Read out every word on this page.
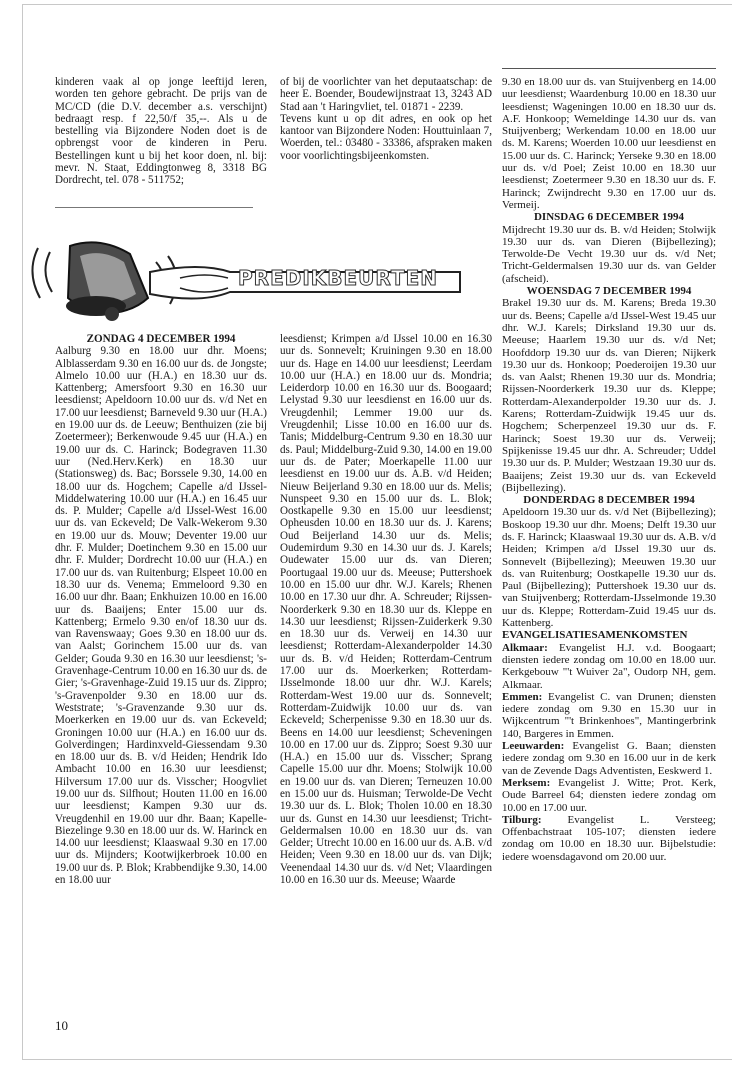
kinderen vaak al op jonge leeftijd leren, worden ten gehore gebracht. De prijs van de MC/CD (die D.V. december a.s. verschijnt) bedraagt resp. f 22,50/f 35,--. Als u de bestelling via Bijzondere Noden doet is de opbrengst voor de kinderen in Peru. Bestellingen kunt u bij het koor doen, nl. bij: mevr. N. Staat, Eddingtonweg 8, 3318 BG Dordrecht, tel. 078 - 511752;

of bij de voorlichter van het deputaatschap: de heer E. Boender, Boudewijnstraat 13, 3243 AD Stad aan 't Haringvliet, tel. 01871 - 2239.

Tevens kunt u op dit adres, en ook op het kantoor van Bijzondere Noden: Houttuinlaan 7, Woerden, tel.: 03480 - 33386, afspraken maken voor voorlichtingsbijeenkomsten.

PREDIKBEURTEN

ZONDAG 4 DECEMBER 1994

Aalburg 9.30 en 18.00 uur dhr. Moens; Alblasserdam 9.30 en 16.00 uur ds. de Jongste; Almelo 10.00 uur (H.A.) en 18.30 uur ds. Kattenberg; Amersfoort 9.30 en 16.30 uur leesdienst; Apeldoorn 10.00 uur ds. v/d Net en 17.00 uur leesdienst; Barneveld 9.30 uur (H.A.) en 19.00 uur ds. de Leeuw; Benthuizen (zie bij Zoetermeer); Berkenwoude 9.45 uur (H.A.) en 19.00 uur ds. C. Harinck; Bodegraven 11.30 uur (Ned.Herv.Kerk) en 18.30 uur (Stationsweg) ds. Bac; Borssele 9.30, 14.00 en 18.00 uur ds. Hogchem; Capelle a/d IJssel-Middelwatering 10.00 uur (H.A.) en 16.45 uur ds. P. Mulder; Capelle a/d IJssel-West 16.00 uur ds. van Eckeveld; De Valk-Wekerom 9.30 en 19.00 uur ds. Mouw; Deventer 19.00 uur dhr. F. Mulder; Doetinchem 9.30 en 15.00 uur dhr. F. Mulder; Dordrecht 10.00 uur (H.A.) en 17.00 uur ds. van Ruitenburg; Elspeet 10.00 en 18.30 uur ds. Venema; Emmeloord 9.30 en 16.00 uur dhr. Baan; Enkhuizen 10.00 en 16.00 uur ds. Baaijens; Enter 15.00 uur ds. Kattenberg; Ermelo 9.30 en/of 18.30 uur ds. van Ravenswaay; Goes 9.30 en 18.00 uur ds. van Aalst; Gorinchem 15.00 uur ds. van Gelder; Gouda 9.30 en 16.30 uur leesdienst; 's-Gravenhage-Centrum 10.00 en 16.30 uur ds. de Gier; 's-Gravenhage-Zuid 19.15 uur ds. Zippro; 's-Gravenpolder 9.30 en 18.00 uur ds. Weststrate; 's-Gravenzande 9.30 uur ds. Moerkerken en 19.00 uur ds. van Eckeveld; Groningen 10.00 uur (H.A.) en 16.00 uur ds. Golverdingen; Hardinxveld-Giessendam 9.30 en 18.00 uur ds. B. v/d Heiden; Hendrik Ido Ambacht 10.00 en 16.30 uur leesdienst; Hilversum 17.00 uur ds. Visscher; Hoogvliet 19.00 uur ds. Silfhout; Houten 11.00 en 16.00 uur leesdienst; Kampen 9.30 uur ds. Vreugdenhil en 19.00 uur dhr. Baan; Kapelle-Biezelinge 9.30 en 18.00 uur ds. W. Harinck en 14.00 uur leesdienst; Klaaswaal 9.30 en 17.00 uur ds. Mijnders; Kootwijkerbroek 10.00 en 19.00 uur ds. P. Blok; Krabbendijke 9.30, 14.00 en 18.00 uur

leesdienst; Krimpen a/d IJssel 10.00 en 16.30 uur ds. Sonnevelt; Kruiningen 9.30 en 18.00 uur ds. Hage en 14.00 uur leesdienst; Leerdam 10.00 uur (H.A.) en 18.00 uur ds. Mondria; Leiderdorp 10.00 en 16.30 uur ds. Boogaard; Lelystad 9.30 uur leesdienst en 16.00 uur ds. Vreugdenhil; Lemmer 19.00 uur ds. Vreugdenhil; Lisse 10.00 en 16.00 uur ds. Tanis; Middelburg-Centrum 9.30 en 18.30 uur ds. Paul; Middelburg-Zuid 9.30, 14.00 en 19.00 uur ds. de Pater; Moerkapelle 11.00 uur leesdienst en 19.00 uur ds. A.B. v/d Heiden; Nieuw Beijerland 9.30 en 18.00 uur ds. Melis; Nunspeet 9.30 en 15.00 uur ds. L. Blok; Oostkapelle 9.30 en 15.00 uur leesdienst; Opheusden 10.00 en 18.30 uur ds. J. Karens; Oud Beijerland 14.30 uur ds. Melis; Oudemirdum 9.30 en 14.30 uur ds. J. Karels; Oudewater 15.00 uur ds. van Dieren; Poortugaal 19.00 uur ds. Meeuse; Puttershoek 10.00 en 15.00 uur dhr. W.J. Karels; Rhenen 10.00 en 17.30 uur dhr. A. Schreuder; Rijssen-Noorderkerk 9.30 en 18.30 uur ds. Kleppe en 14.30 uur leesdienst; Rijssen-Zuiderkerk 9.30 en 18.30 uur ds. Verweij en 14.30 uur leesdienst; Rotterdam-Alexanderpolder 14.30 uur ds. B. v/d Heiden; Rotterdam-Centrum 17.00 uur ds. Moerkerken; Rotterdam-IJsselmonde 18.00 uur dhr. W.J. Karels; Rotterdam-West 19.00 uur ds. Sonnevelt; Rotterdam-Zuidwijk 10.00 uur ds. van Eckeveld; Scherpenisse 9.30 en 18.30 uur ds. Beens en 14.00 uur leesdienst; Scheveningen 10.00 en 17.00 uur ds. Zippro; Soest 9.30 uur (H.A.) en 15.00 uur ds. Visscher; Sprang Capelle 15.00 uur dhr. Moens; Stolwijk 10.00 en 19.00 uur ds. van Dieren; Terneuzen 10.00 en 15.00 uur ds. Huisman; Terwolde-De Vecht 19.30 uur ds. L. Blok; Tholen 10.00 en 18.30 uur ds. Gunst en 14.30 uur leesdienst; Tricht-Geldermalsen 10.00 en 18.30 uur ds. van Gelder; Utrecht 10.00 en 16.00 uur ds. A.B. v/d Heiden; Veen 9.30 en 18.00 uur ds. van Dijk; Veenendaal 14.30 uur ds. v/d Net; Vlaardingen 10.00 en 16.30 uur ds. Meeuse; Waarde

9.30 en 18.00 uur ds. van Stuijvenberg en 14.00 uur leesdienst; Waardenburg 10.00 en 18.30 uur leesdienst; Wageningen 10.00 en 18.30 uur ds. A.F. Honkoop; Wemeldinge 14.30 uur ds. van Stuijvenberg; Werkendam 10.00 en 18.00 uur ds. M. Karens; Woerden 10.00 uur leesdienst en 15.00 uur ds. C. Harinck; Yerseke 9.30 en 18.00 uur ds. v/d Poel; Zeist 10.00 en 18.30 uur leesdienst; Zoetermeer 9.30 en 18.30 uur ds. F. Harinck; Zwijndrecht 9.30 en 17.00 uur ds. Vermeij.

DINSDAG 6 DECEMBER 1994

Mijdrecht 19.30 uur ds. B. v/d Heiden; Stolwijk 19.30 uur ds. van Dieren (Bijbellezing); Terwolde-De Vecht 19.30 uur ds. v/d Net; Tricht-Geldermalsen 19.30 uur ds. van Gelder (afscheid).

WOENSDAG 7 DECEMBER 1994

Brakel 19.30 uur ds. M. Karens; Breda 19.30 uur ds. Beens; Capelle a/d IJssel-West 19.45 uur dhr. W.J. Karels; Dirksland 19.30 uur ds. Meeuse; Haarlem 19.30 uur ds. v/d Net; Hoofddorp 19.30 uur ds. van Dieren; Nijkerk 19.30 uur ds. Honkoop; Poederoijen 19.30 uur ds. van Aalst; Rhenen 19.30 uur ds. Mondria; Rijssen-Noorderkerk 19.30 uur ds. Kleppe; Rotterdam-Alexanderpolder 19.30 uur ds. J. Karens; Rotterdam-Zuidwijk 19.45 uur ds. Hogchem; Scherpenzeel 19.30 uur ds. F. Harinck; Soest 19.30 uur ds. Verweij; Spijkenisse 19.45 uur dhr. A. Schreuder; Uddel 19.30 uur ds. P. Mulder; Westzaan 19.30 uur ds. Baaijens; Zeist 19.30 uur ds. van Eckeveld (Bijbellezing).

DONDERDAG 8 DECEMBER 1994

Apeldoorn 19.30 uur ds. v/d Net (Bijbellezing); Boskoop 19.30 uur dhr. Moens; Delft 19.30 uur ds. F. Harinck; Klaaswaal 19.30 uur ds. A.B. v/d Heiden; Krimpen a/d IJssel 19.30 uur ds. Sonnevelt (Bijbellezing); Meeuwen 19.30 uur ds. van Ruitenburg; Oostkapelle 19.30 uur ds. Paul (Bijbellezing); Puttershoek 19.30 uur ds. van Stuijvenberg; Rotterdam-IJsselmonde 19.30 uur ds. Kleppe; Rotterdam-Zuid 19.45 uur ds. Kattenberg.

EVANGELISATIESAMENKOMSTEN

Alkmaar: Evangelist H.J. v.d. Boogaart; diensten iedere zondag om 10.00 en 18.00 uur. Kerkgebouw "'t Wuiver 2a", Oudorp NH, gem. Alkmaar.

Emmen: Evangelist C. van Drunen; diensten iedere zondag om 9.30 en 15.30 uur in Wijkcentrum "'t Brinkenhoes", Mantingerbrink 140, Bargeres in Emmen.

Leeuwarden: Evangelist G. Baan; diensten iedere zondag om 9.30 en 16.00 uur in de kerk van de Zevende Dags Adventisten, Eeskwerd 1.

Merksem: Evangelist J. Witte; Prot. Kerk, Oude Barreel 64; diensten iedere zondag om 10.00 en 17.00 uur.

Tilburg: Evangelist L. Versteeg; Offenbachstraat 105-107; diensten iedere zondag om 10.00 en 18.30 uur. Bijbelstudie: iedere woensdagavond om 20.00 uur.

10
